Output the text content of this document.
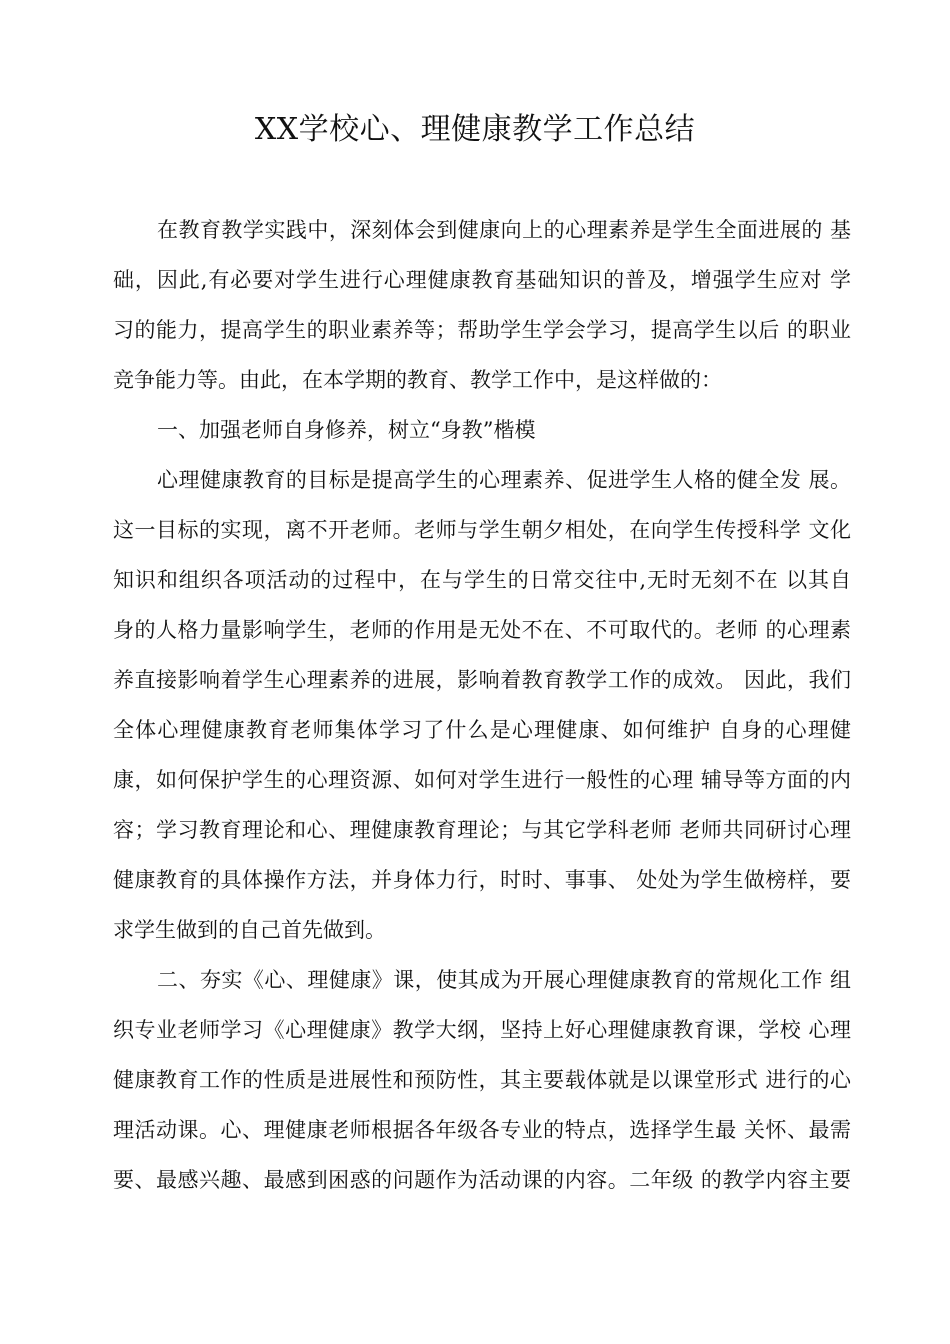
XX学校心、理健康教学工作总结
在教育教学实践中，深刻体会到健康向上的心理素养是学生全面进展的 基
础，因此,有必要对学生进行心理健康教育基础知识的普及，增强学生应对 学
习的能力，提高学生的职业素养等；帮助学生学会学习，提高学生以后 的职业
竞争能力等。由此，在本学期的教育、教学工作中，是这样做的：
一、加强老师自身修养，树立“身教”楷模
心理健康教育的目标是提高学生的心理素养、促进学生人格的健全发 展。
这一目标的实现，离不开老师。老师与学生朝夕相处，在向学生传授科学 文化
知识和组织各项活动的过程中，在与学生的日常交往中,无时无刻不在 以其自
身的人格力量影响学生，老师的作用是无处不在、不可取代的。老师 的心理素
养直接影响着学生心理素养的进展，影响着教育教学工作的成效。 因此，我们
全体心理健康教育老师集体学习了什么是心理健康、如何维护 自身的心理健
康，如何保护学生的心理资源、如何对学生进行一般性的心理 辅导等方面的内
容；学习教育理论和心、理健康教育理论；与其它学科老师 老师共同研讨心理
健康教育的具体操作方法，并身体力行，时时、事事、 处处为学生做榜样，要
求学生做到的自己首先做到。
二、夯实《心、理健康》课，使其成为开展心理健康教育的常规化工作 组
织专业老师学习《心理健康》教学大纲，坚持上好心理健康教育课，学校 心理
健康教育工作的性质是进展性和预防性，其主要载体就是以课堂形式 进行的心
理活动课。心、理健康老师根据各年级各专业的特点，选择学生最 关怀、最需
要、最感兴趣、最感到困惑的问题作为活动课的内容。二年级 的教学内容主要
